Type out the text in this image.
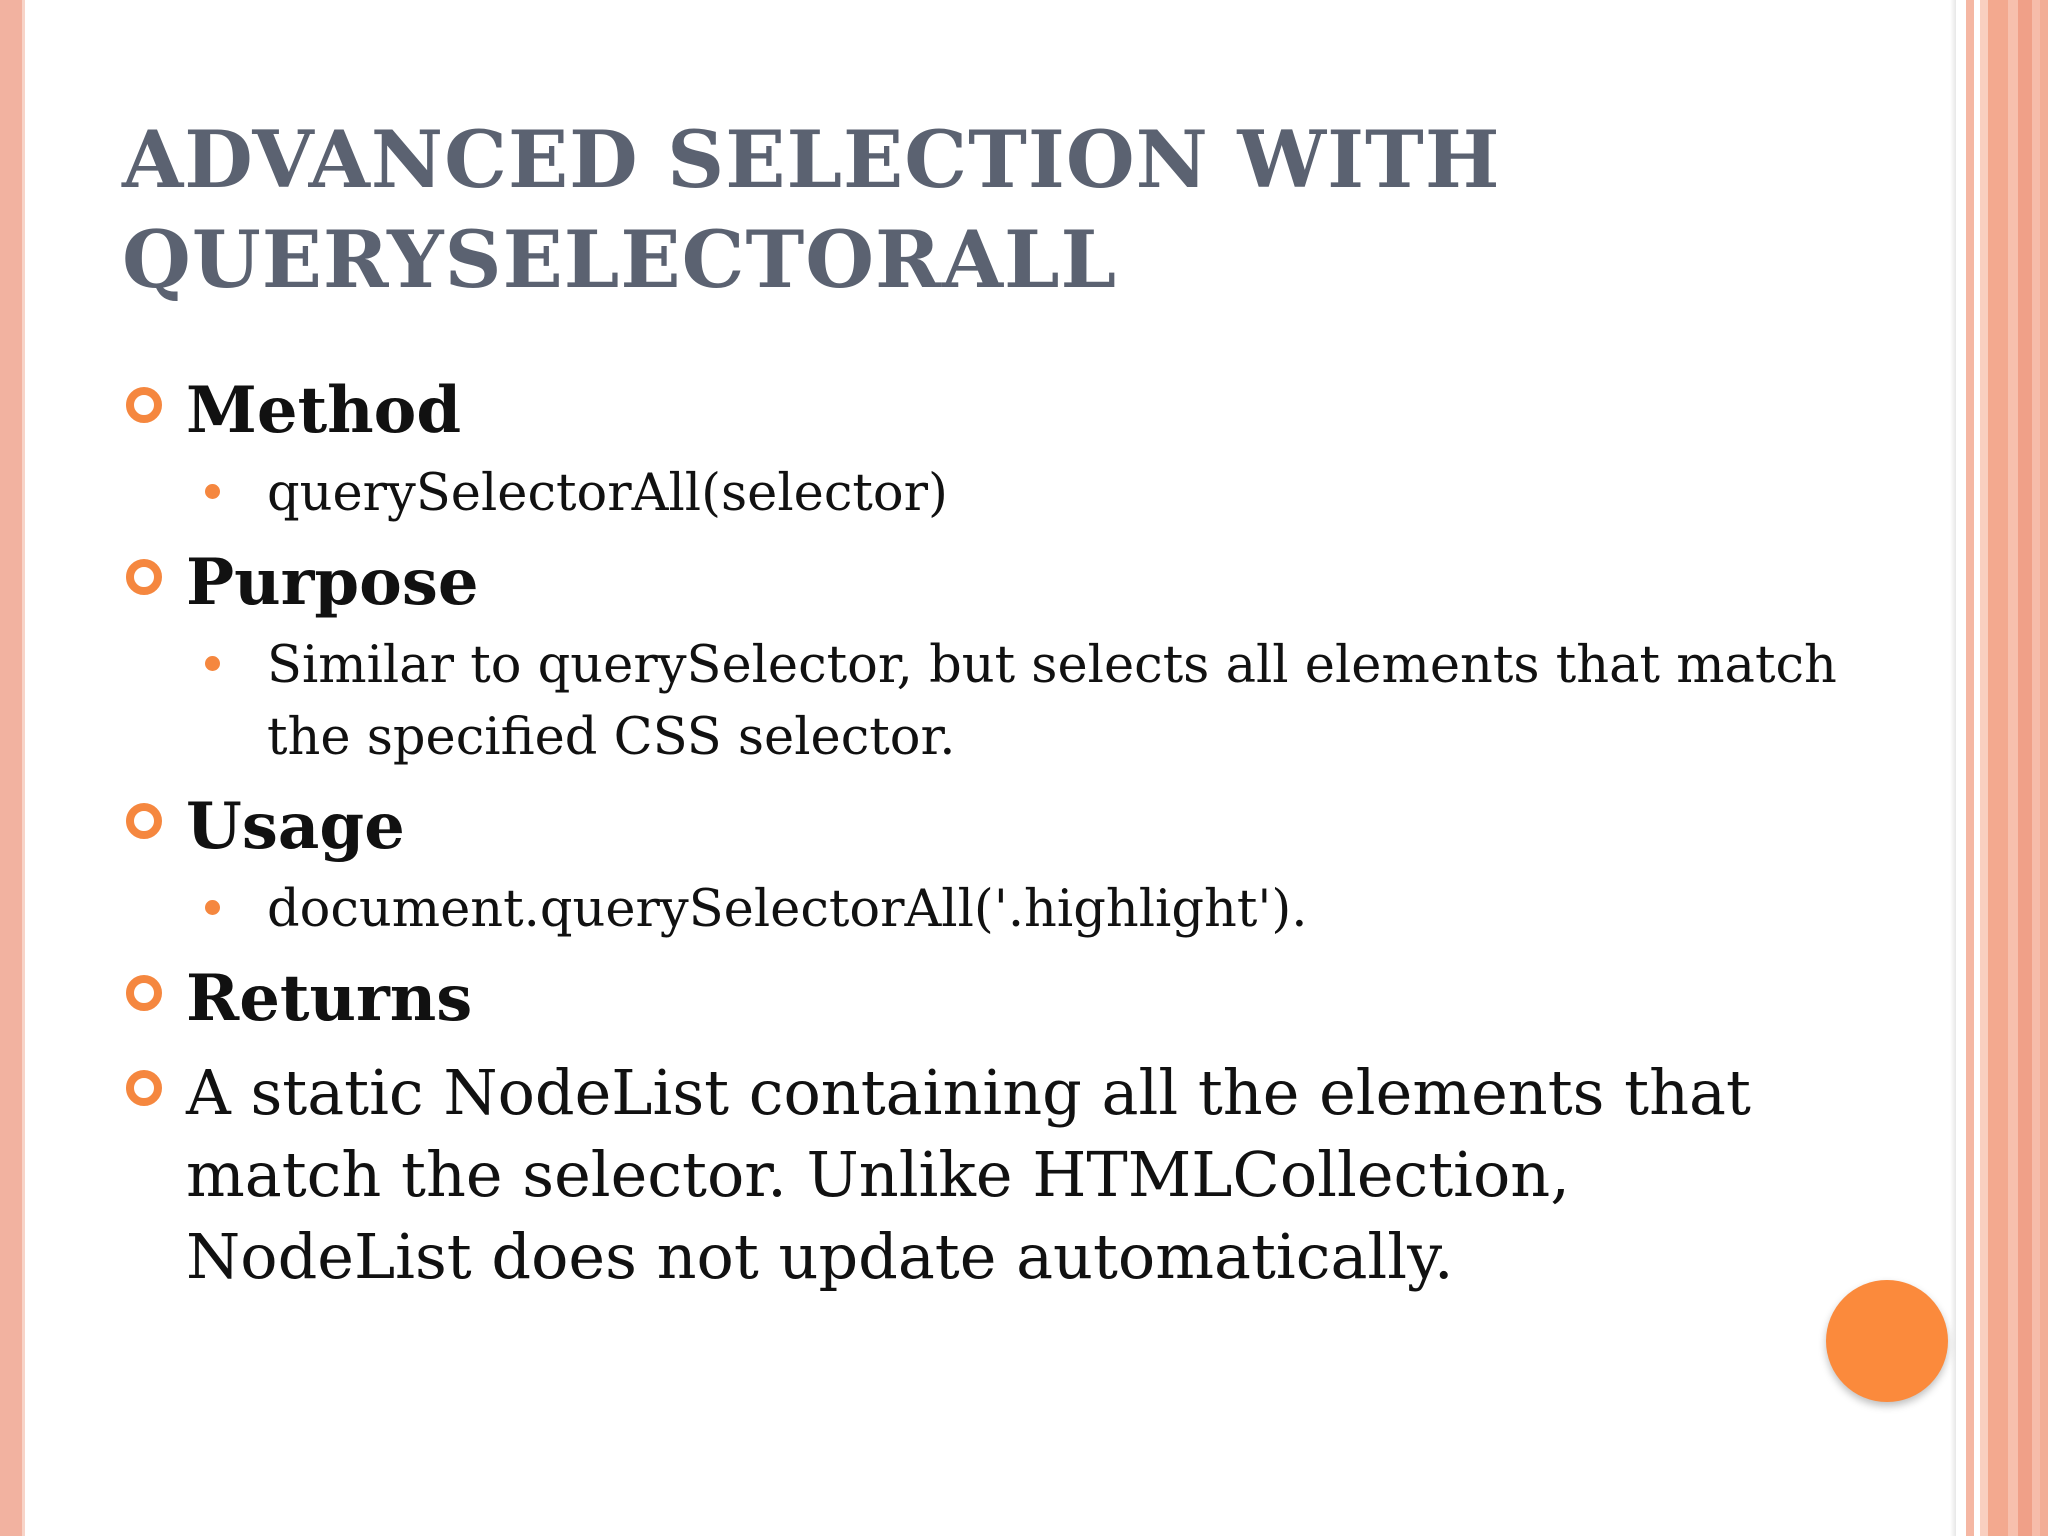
ADVANCED SELECTION WITH
QUERYSELECTORALL
Method
querySelectorAll(selector)
Purpose
Similar to querySelector, but selects all elements that match the specified CSS selector.
Usage
document.querySelectorAll('.highlight').
Returns
A static NodeList containing all the elements that match the selector. Unlike HTMLCollection, NodeList does not update automatically.
